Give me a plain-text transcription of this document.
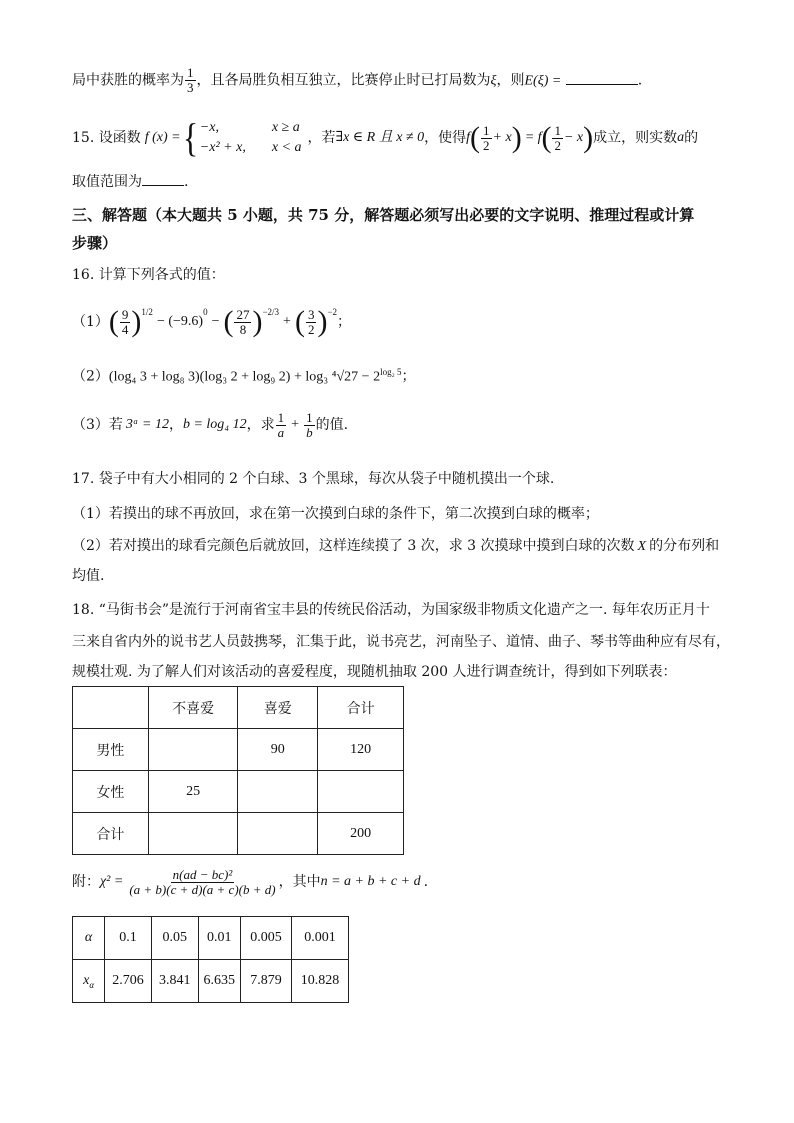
局中获胜的概率为 $\frac{1}{3}$ ，且各局胜负相互独立，比赛停止时已打局数为ξ，则E(ξ) =	.
15. 设函数 f (x) = { −x,	x ≥ a
−x² + x, x < a
，若 ∃x ∈ R 且 x ≠ 0 ，使得 f ( $\frac{1}{2} + x$ ) = f ( $\frac{1}{2} - x$ ) 成立，则实数 a 的
取值范围为	.
三、解答题（本大题共 5 小题，共 75 分，解答题必须写出必要的文字说明、推理过程或计算
步骤）
16. 计算下列各式的值：
（1） ( $\frac{9}{4}$ ) 1/2
− (−9.6)
0
− ( $\frac{27}{8}$ ) −2/3
+ ( $\frac{3}{2}$ ) −2
；
（2）(log₄ 3 + log₈ 3)(log₃ 2 + log₉ 2) + log₃ $^4√27 - 2^{log_2 5}$；
（3）若 3ᵃ = 12 ， b = log₄ 12 ，求 $\frac{1}{a} + \frac{1}{b}$ 的值.
17. 袋子中有大小相同的 2 个白球、3 个黑球，每次从袋子中随机摸出一个球.
（1）若摸出的球不再放回，求在第一次摸到白球的条件下，第二次摸到白球的概率；
（2）若对摸出的球看完颜色后就放回，这样连续摸了 3 次，求 3 次摸球中摸到白球的次数 X 的分布列和
均值.
18. “马街书会”是流行于河南省宝丰县的传统民俗活动，为国家级非物质文化遗产之一. 每年农历正月十
三来自省内外的说书艺人员鼓携琴，汇集于此，说书亮艺，河南坠子、道情、曲子、琴书等曲种应有尽有，
规模壮观. 为了解人们对该活动的喜爱程度，现随机抽取 200 人进行调查统计，得到如下列联表：
	不喜爱	喜爱	合计
男性		90	120
女性	25		
合计			200
附： $\chi^2 = \frac{\text{n(ad − bc)²}}{(a + b)(c + d)(a + c)(b + d)}$ ，其中 n = a + b + c + d .
α	0.1	0.05	0.01	0.005	0.001
$x_\alpha$	2.706	3.841	6.635	7.879	10.828
